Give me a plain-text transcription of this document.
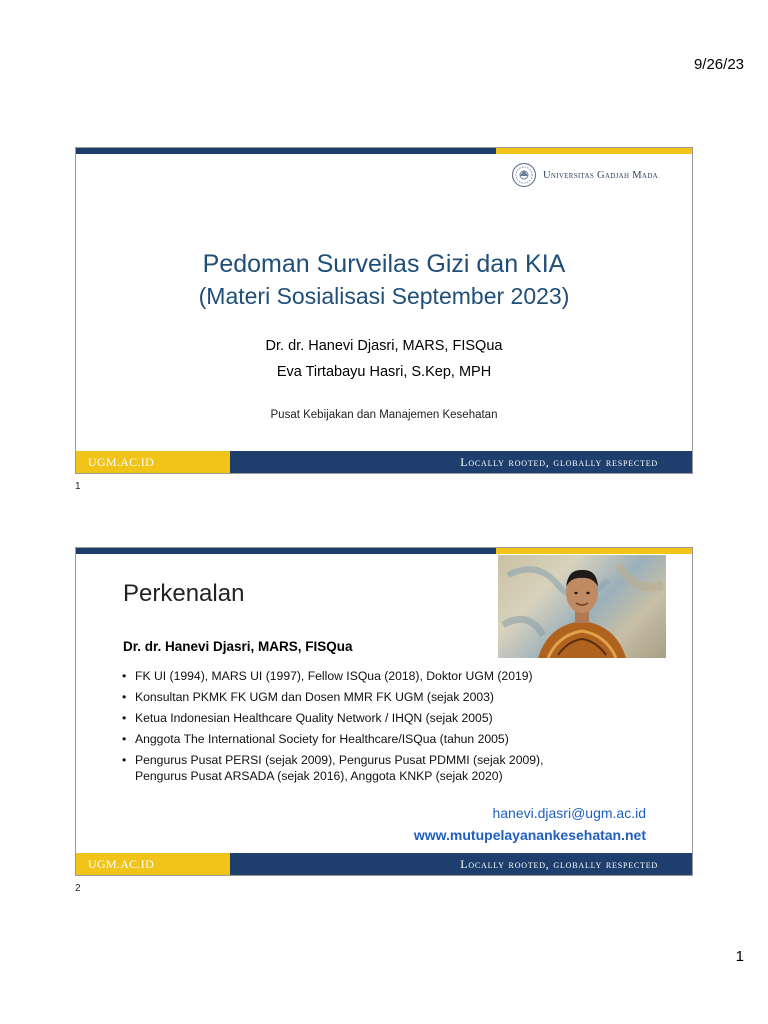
9/26/23
Universitas Gadjah Mada
Pedoman Surveilas Gizi dan KIA
(Materi Sosialisasi September 2023)
Dr. dr. Hanevi Djasri, MARS, FISQua
Eva Tirtabayu Hasri, S.Kep, MPH
Pusat Kebijakan dan Manajemen Kesehatan
UGM.AC.ID	Locally rooted, globally respected
1
Perkenalan
Dr. dr. Hanevi Djasri, MARS, FISQua
• FK UI (1994), MARS UI (1997), Fellow ISQua (2018), Doktor UGM (2019)
• Konsultan PKMK FK UGM dan Dosen MMR FK UGM (sejak 2003)
• Ketua Indonesian Healthcare Quality Network / IHQN (sejak 2005)
• Anggota The International Society for Healthcare/ISQua (tahun 2005)
• Pengurus Pusat PERSI (sejak 2009), Pengurus Pusat PDMMI (sejak 2009), Pengurus Pusat ARSADA (sejak 2016), Anggota KNKP (sejak 2020)
hanevi.djasri@ugm.ac.id
www.mutupelayanankesehatan.net
UGM.AC.ID	Locally rooted, globally respected
2
1
